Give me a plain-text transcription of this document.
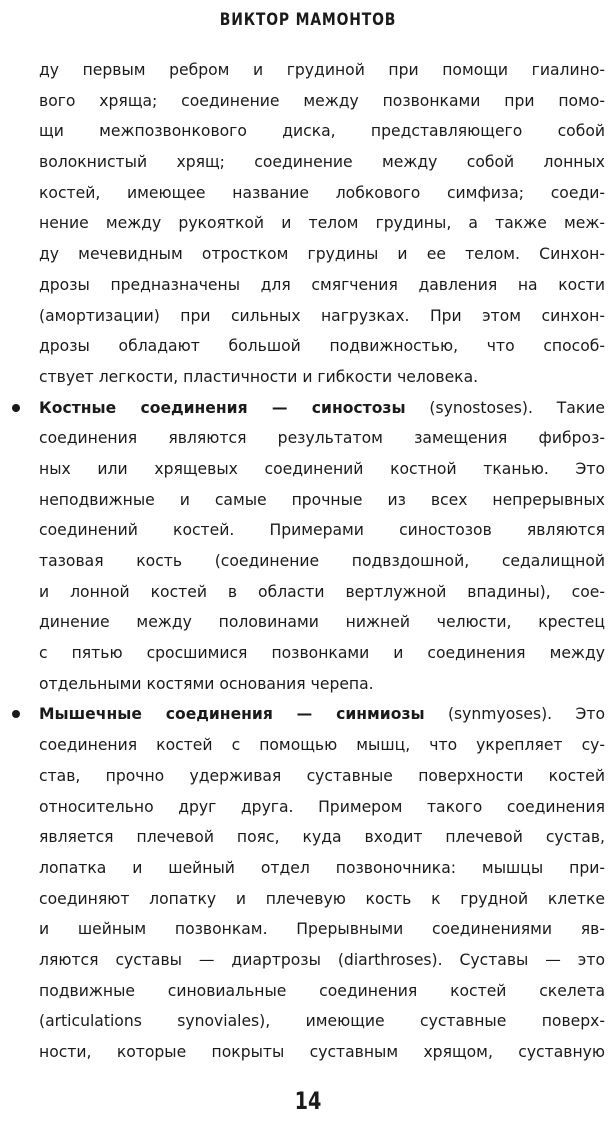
ВИКТОР МАМОНТОВ
ду первым ребром и грудиной при помощи гиалино-
вого хряща; соединение между позвонками при помо-
щи межпозвонкового диска, представляющего собой
волокнистый хрящ; соединение между собой лонных
костей, имеющее название лобкового симфиза; соеди-
нение между рукояткой и телом грудины, а также меж-
ду мечевидным отростком грудины и ее телом. Синхон-
дрозы предназначены для смягчения давления на кости
(амортизации) при сильных нагрузках. При этом синхон-
дрозы обладают большой подвижностью, что способ-
ствует легкости, пластичности и гибкости человека.
Костные соединения — синостозы (synostoses). Такие
соединения являются результатом замещения фиброз-
ных или хрящевых соединений костной тканью. Это
неподвижные и самые прочные из всех непрерывных
соединений костей. Примерами синостозов являются
тазовая кость (соединение подвздошной, седалищной
и лонной костей в области вертлужной впадины), сое-
динение между половинами нижней челюсти, крестец
с пятью сросшимися позвонками и соединения между
отдельными костями основания черепа.
Мышечные соединения — синмиозы (synmyoses). Это
соединения костей с помощью мышц, что укрепляет су-
став, прочно удерживая суставные поверхности костей
относительно друг друга. Примером такого соединения
является плечевой пояс, куда входит плечевой сустав,
лопатка и шейный отдел позвоночника: мышцы при-
соединяют лопатку и плечевую кость к грудной клетке
и шейным позвонкам. Прерывными соединениями яв-
ляются суставы — диартрозы (diarthroses). Суставы — это
подвижные синовиальные соединения костей скелета
(articulations synoviales), имеющие суставные поверх-
ности, которые покрыты суставным хрящом, суставную
14
